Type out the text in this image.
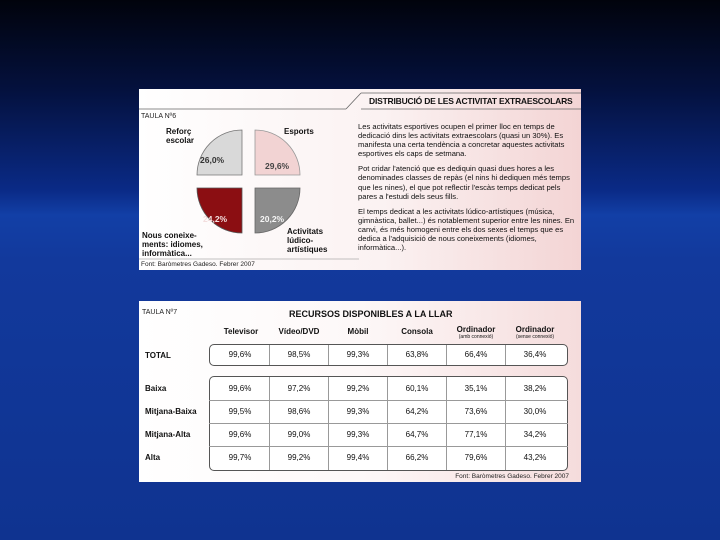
TAULA Nº6
DISTRIBUCIÓ DE LES ACTIVITAT EXTRAESCOLARS
Reforç escolar
Esports
Nous coneixe-ments: idiomes, informàtica...
Activitats lúdico-artístiques
26,0%
29,6%
24,2%	20,2%

Les activitats esportives ocupen el primer lloc en temps de dedicació dins les activitats extraescolars (quasi un 30%). Es manifesta una certa tendència a concretar aquestes activitats esportives els caps de setmana.

Pot cridar l'atenció que es dediquin quasi dues hores a les denominades classes de repàs (el nins hi dediquen més temps que les nines), el que pot reflectir l'escàs temps dedicat pels pares a l'estudi dels seus fills.

El temps dedicat a les activitats lúdico-artístiques (música, gimnàstica, ballet...) és notablement superior entre les nines. En canvi, és més homogeni entre els dos sexes el temps que es dedica a l'adquisició de nous coneixements (idiomes, informàtica...).

Font: Baròmetres Gadeso. Febrer 2007
TAULA Nº7	RECURSOS DISPONIBLES A LA LLAR
Televisor	Vídeo/DVD	Mòbil	Consola	Ordinador
(amb connexió)
Ordinador
(sense connexió)
TOTAL	99,6%	98,5%	99,3%	63,8%	66,4%	36,4%
Baixa	99,6%	97,2%	99,2%	60,1%	35,1%	38,2%
Mitjana-Baixa	99,5%	98,6%	99,3%	64,2%	73,6%	30,0%
Mitjana-Alta	99,6%	99,0%	99,3%	64,7%	77,1%	34,2%
Alta	99,7%	99,2%	99,4%	66,2%	79,6%	43,2%
Font: Baròmetres Gadeso. Febrer 2007
